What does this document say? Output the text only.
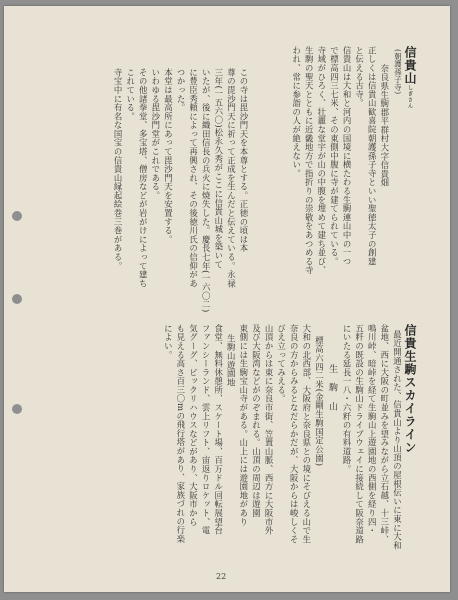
信貴山しぎさん
(朝護孫子寺)
奈良県生駒郡平群村大字信貴畑
正しくは信貴山歓喜院朝護孫子寺といい聖徳太子の創建
と伝える古寺。
信貴山は大和と河内の国境に横たわる生駒連山中の一つ
で標高四三七米、その東側中腹に寺が建てられている。
寺域がひろく、壮麗な堂宇が山の中腹を埋めて建ち並び、
生駒の聖天とともに近畿地方で指折りの崇敬をあつめる寺
われ、常に参詣の人が絶えない。
この寺は毘沙門天を本尊とする。正徳の頃は本
尊の毘沙門天に祈って正成を生んだと伝えている。永禄
三年(一五六〇)松永久秀がここに信貴山城を築いて
いたが、後に織田信長の兵火に焼失した。慶長七年(一六〇二)
に豊臣秀頼によって再興され、その後徳川氏の信仰があ
つかった。
本堂は最高所にあって毘沙門天を安置する。
いわゆる毘沙門堂がこれである。
その他諸拳堂、多宝塔、僧房などが岩がけによって建ち
これている。
寺宝中に有名な国宝の信貴山縁起絵巻三巻がある。
信貴生駒スカイライン
最近開通された、信貴山より山頂の屋根伝いに東に大和
盆地、西に大阪の町並みを望みながら立石越、十三峠、
鳴川峠、暗峠を経て生駒山上遊園地の西側を経り四・
五粁の既設の生駒山ドライブウェイに接続して阪奈道路
にいたる延長一八・六粁の有料道路。
生　駒　山
標高六四二米(金剛生駒国定公園)
大和の北西部、大阪府と奈良県との境にそびえる山で生
奈良の方からみるとなだらかだが、大阪からは峻しくそ
びえ立ってみえる。
山頂からは東に奈良市街、笠置山脈、西方に大阪市外
及び大阪湾などがのぞまれる。山頂の周辺は遊園
東側には生駒宝山寺がある。山上には遊園地があり
生駒山遊園地
食堂、無料休憩所、スケート場、百万ドル回転展望台
ファンシーランド、雲上リフト、宙返りロケット、電
気グーグ、ビックリハウスなどがあり、大阪市から
も見える高さ百三〇mの飛行塔があり、家族づれの行楽
によい。
22
